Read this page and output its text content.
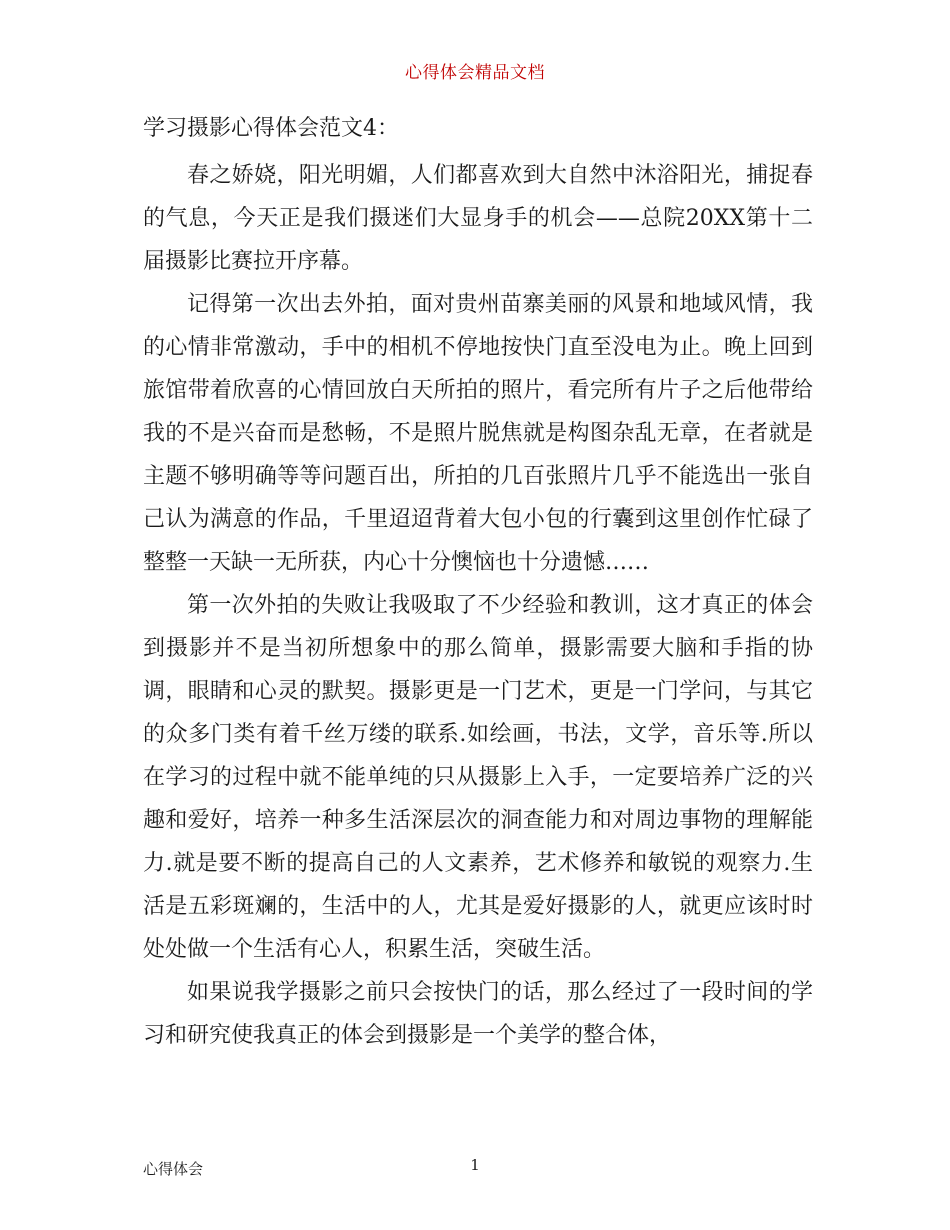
心得体会精品文档
学习摄影心得体会范文4：

春之娇娆，阳光明媚，人们都喜欢到大自然中沐浴阳光，捕捉春的气息，今天正是我们摄迷们大显身手的机会——总院20XX第十二届摄影比赛拉开序幕。

记得第一次出去外拍，面对贵州苗寨美丽的风景和地域风情，我的心情非常激动，手中的相机不停地按快门直至没电为止。晚上回到旅馆带着欣喜的心情回放白天所拍的照片，看完所有片子之后他带给我的不是兴奋而是愁畅，不是照片脱焦就是构图杂乱无章，在者就是主题不够明确等等问题百出，所拍的几百张照片几乎不能选出一张自己认为满意的作品，千里迢迢背着大包小包的行囊到这里创作忙碌了整整一天缺一无所获，内心十分懊恼也十分遗憾……

第一次外拍的失败让我吸取了不少经验和教训，这才真正的体会到摄影并不是当初所想象中的那么简单，摄影需要大脑和手指的协调，眼睛和心灵的默契。摄影更是一门艺术，更是一门学问，与其它的众多门类有着千丝万缕的联系.如绘画，书法，文学，音乐等.所以在学习的过程中就不能单纯的只从摄影上入手，一定要培养广泛的兴趣和爱好，培养一种多生活深层次的洞查能力和对周边事物的理解能力.就是要不断的提高自己的人文素养，艺术修养和敏锐的观察力.生活是五彩斑斓的，生活中的人，尤其是爱好摄影的人，就更应该时时处处做一个生活有心人，积累生活，突破生活。

如果说我学摄影之前只会按快门的话，那么经过了一段时间的学习和研究使我真正的体会到摄影是一个美学的整合体，

心得体会	1
